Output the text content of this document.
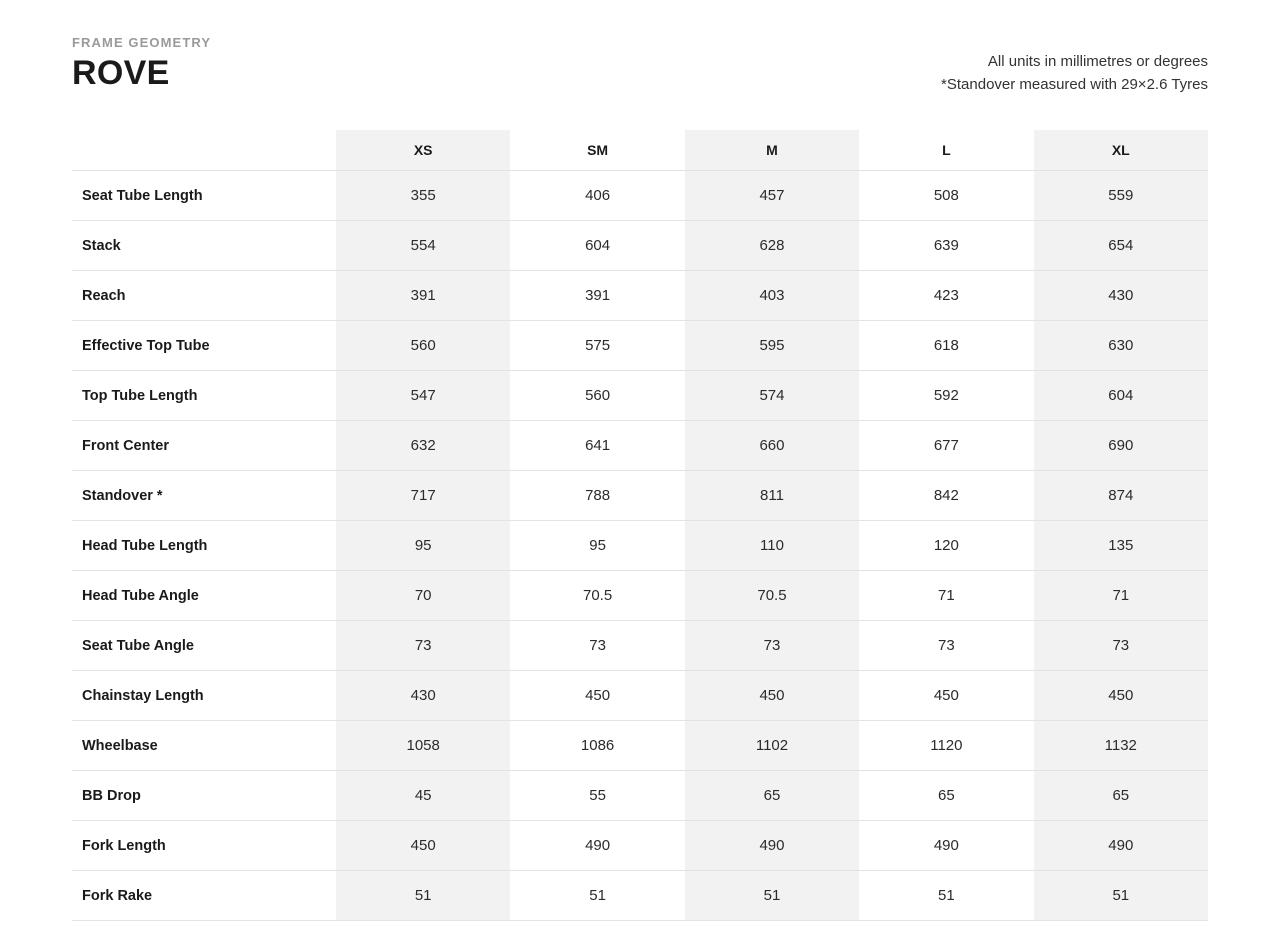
FRAME GEOMETRY
ROVE	All units in millimetres or degrees
*Standover measured with 29×2.6 Tyres
	XS	SM	M	L	XL
Seat Tube Length	355	406	457	508	559
Stack	554	604	628	639	654
Reach	391	391	403	423	430
Effective Top Tube	560	575	595	618	630
Top Tube Length	547	560	574	592	604
Front Center	632	641	660	677	690
Standover *	717	788	811	842	874
Head Tube Length	95	95	110	120	135
Head Tube Angle	70	70.5	70.5	71	71
Seat Tube Angle	73	73	73	73	73
Chainstay Length	430	450	450	450	450
Wheelbase	1058	1086	1102	1120	1132
BB Drop	45	55	65	65	65
Fork Length	450	490	490	490	490
Fork Rake	51	51	51	51	51
